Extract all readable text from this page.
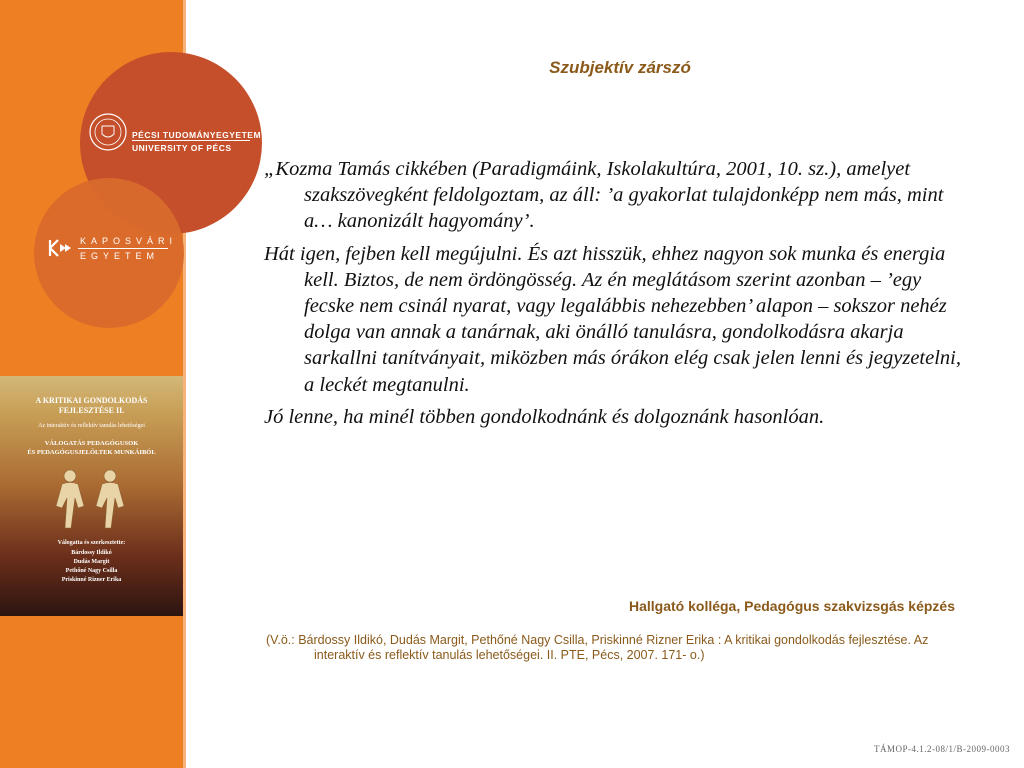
PÉCSI TUDOMÁNYEGYETEM
UNIVERSITY OF PÉCS
KAPOSVÁRI
EGYETEM
A KRITIKAI GONDOLKODÁS
FEJLESZTÉSE II.
Az interaktív és reflektív tanulás lehetőségei
VÁLOGATÁS PEDAGÓGUSOK
ÉS PEDAGÓGUSJELÖLTEK MUNKÁIBÓL
Válogatta és szerkesztette:
Bárdossy Ildikó
Dudás Margit
Pethőné Nagy Csilla
Priskinné Rizner Erika
Szubjektív zárszó

„Kozma Tamás cikkében (Paradigmáink, Iskolakultúra, 2001, 10. sz.), amelyet szakszövegként feldolgoztam, az áll: ’a gyakorlat tulajdonképp nem más, mint a… kanonizált hagyomány’.

Hát igen, fejben kell megújulni. És azt hisszük, ehhez nagyon sok munka és energia kell. Biztos, de nem ördöngösség. Az én meglátásom szerint azonban – ’egy fecske nem csinál nyarat, vagy legalábbis nehezebben’ alapon – sokszor nehéz dolga van annak a tanárnak, aki önálló tanulásra, gondolkodásra akarja sarkallni tanítványait, miközben más órákon elég csak jelen lenni és jegyzetelni, a leckét megtanulni.

Jó lenne, ha minél többen gondolkodnánk és dolgoznánk hasonlóan.

Hallgató kolléga, Pedagógus szakvizsgás képzés
(V.ö.: Bárdossy Ildikó, Dudás Margit, Pethőné Nagy Csilla, Priskinné Rizner Erika : A kritikai gondolkodás fejlesztése. Az interaktív és reflektív tanulás lehetőségei. II. PTE, Pécs, 2007. 171- o.)
TÁMOP-4.1.2-08/1/B-2009-0003
